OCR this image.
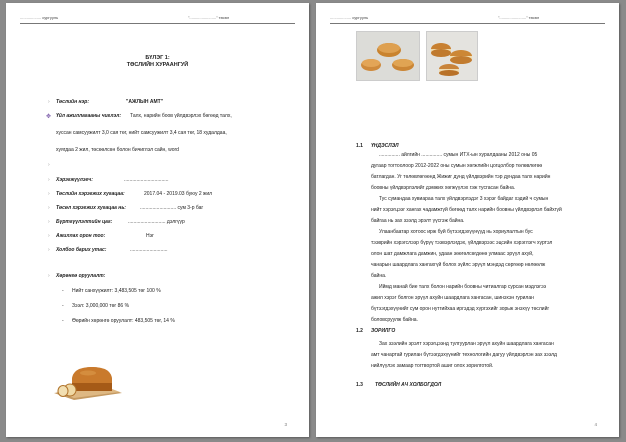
................... сургууль	"........................" төсөл
БҮЛЭГ 1:
ТӨСЛИЙН ХУРААНГУЙ
› Төслийн нэр:	"АЖЛЫН АМТ"
✥ Үйл ажиллагааны чиглэл: Талх, нарийн боов үйлдвэрлэх бөгөөд талх,
хуссан самсуужилт 3,0 сая төг, нийт самсуужилт 3,4 сая төг, 18 худалдаа,
хуягдаа 2 жил, төсөөлсөн болон бичиглэл сайн, word
›
› Хэрэгжүүлэгч:	................................
› Төслийн хэрэгжих хугацаа:	2017.04 - 2019.03 буюу 2 жил
› Төсөл хэрэгжих хугацаа нь:	.......................... сум 3-р баг
› Бүртгүүлэлтийн цаг:	........................... дэлгүүр
› Ажиллах орон тоо:	Нэг
› Холбоо барих утас:	...........................
› Хөрөнгө оруулалт:
- Нийт санхүүжилт: 3,483,505 төг 100 %
- Зээл: 3,000,000 төг 86 %
- Өөрийн хөрөнгө оруулалт: 483,505 төг, 14 %
3
................... сургууль	"........................" төсөл
1.1 ҮНДЭСЛЭЛ
............... айлгийн ............... сумын ИТХ-ын хуралдааны 2012 оны 05
дугаар тогтоолоор 2012-2022 оны сумын хөгжлийн цогцолбор төлөвлөгөө
батлагдан. Уг төлөвлөгөөнд Жижиг дунд үйлдвэрийн тэр дундаа талх нарийн
боовны үйлдвэрлэлийг дэмжих хөгжүүлэх гэж тусгасан байна.
Тус сумандаа хувиараа талх үйлдвэрлэдэг 3 хэрэг байдаг хэдий ч сумын
нийт хэрэгцээг хангах чадамжгүй бөгөөд талх нарийн боовны үйлдвэрлэл байхгүй
байгаа нь зах зээлд эрэлт үүсгэж байна.
Улаанбаатар хотоос ирж буй бүтээгдэхүүнүүд нь хориулалтын бус
тээврийн хэрэгслээр бүрүү тээвэрлэгдэх, үйлдвэрээс эцсийн хэрэглэгч хүртэл
олон шат дамжлага дамжин, удаан зөөгөлсөгдөнө улмаас эрүүл ахуй,
чанарын шаардлага хангахгүй болох зүйлс эрүүл мэндэд сөргөөр нөлөөлж
байна.
Иймд манай бие талх болон нарийн боовны читиалгар сурсан мэдлэгээ
ажил хэрэг болгон эрүүл ахуйн шаардлага хангасан, шинэхэн гурилан
бүтээгдэхүүнийг сум орон нутгийхаа иргэдэд хүргэхийг зорьж энэхүү төслийг
боловсруулж байна.
1.2 ЗОРИЛГО
Зах зээлийн эрэлт хэрэгцээнд тулгуурлан эрүүл ахуйн шаардлага хангасан
амт чанартай гурилан бүтээгдэхүүнийг технологийн дагуу үйлдвэрлэн зах зээлд
нийлүүлэх замаар тогтвортой ашиг олох зорилготой.
1.3 ТӨСЛИЙН АЧ ХОЛБОГДОЛ
4
